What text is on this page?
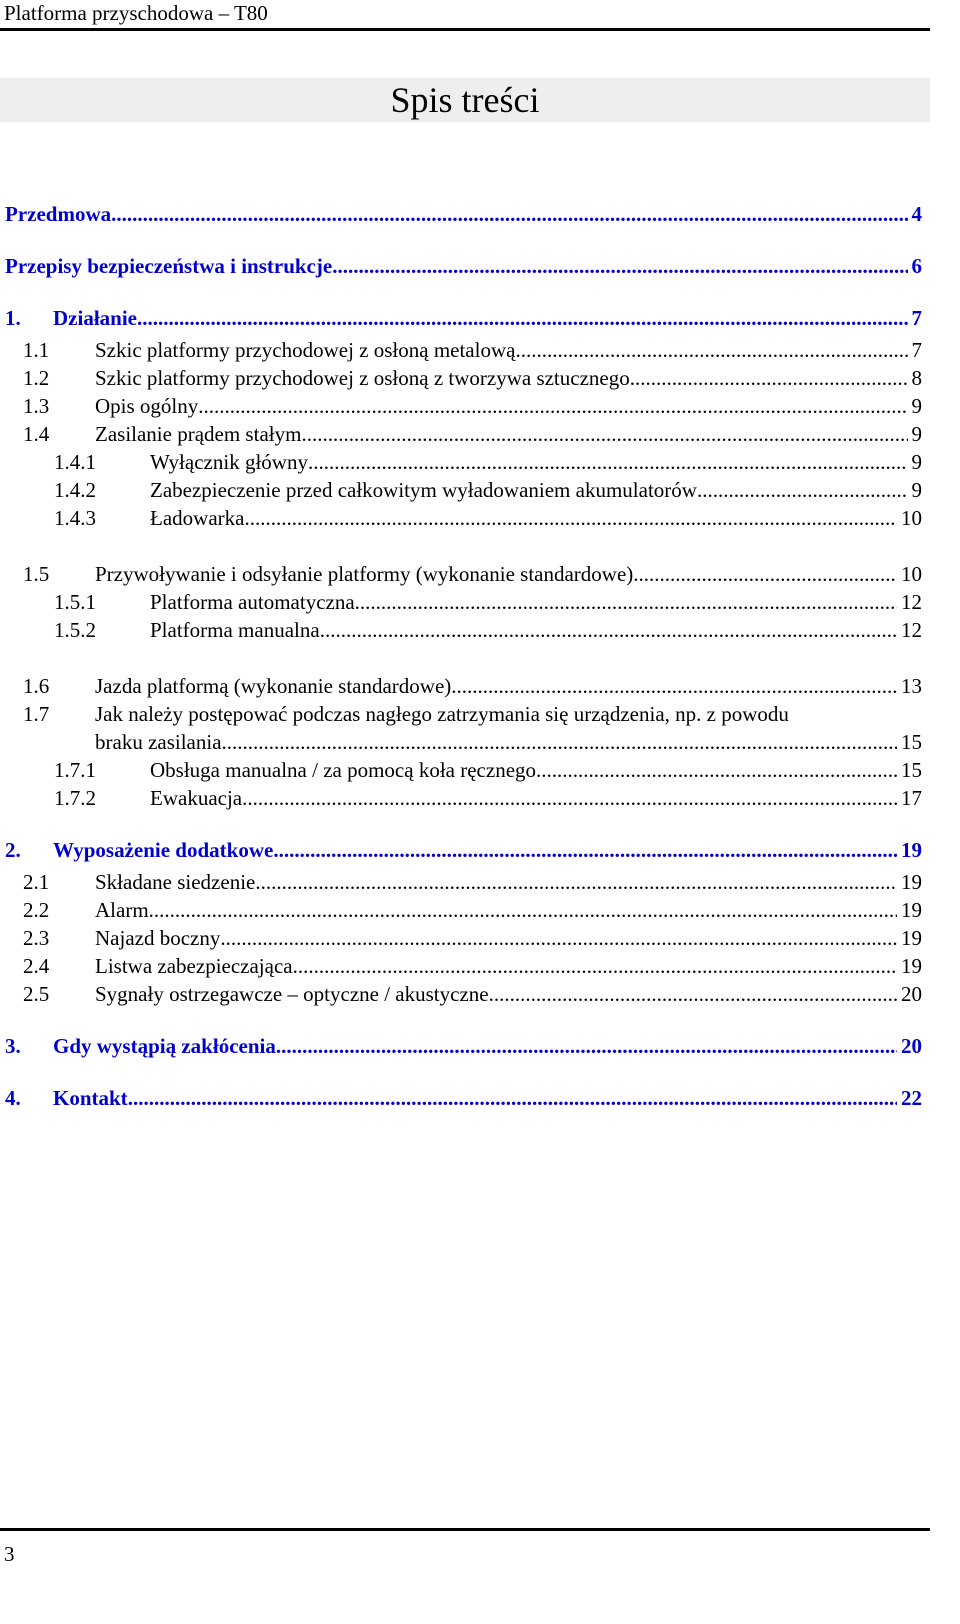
Platforma przyschodowa – T80
Spis treści
Przedmowa .....	4
Przepisy bezpieczeństwa i instrukcje .....	6
1.	Działanie .....	7
1.1	Szkic platformy przychodowej z osłoną metalową .....	7
1.2	Szkic platformy przychodowej z osłoną z tworzywa sztucznego .....	8
1.3	Opis ogólny .....	9
1.4	Zasilanie prądem stałym .....	9
1.4.1	Wyłącznik główny .....	9
1.4.2	Zabezpieczenie przed całkowitym wyładowaniem akumulatorów .....	9
1.4.3	Ładowarka .....	10
1.5	Przywoływanie i odsyłanie platformy (wykonanie standardowe) .....	10
1.5.1	Platforma automatyczna .....	12
1.5.2	Platforma manualna .....	12
1.6	Jazda platformą (wykonanie standardowe) .....	13
1.7	Jak należy postępować podczas nagłego zatrzymania się urządzenia, np. z powodu
braku zasilania .....	15
1.7.1	Obsługa manualna / za pomocą koła ręcznego .....	15
1.7.2	Ewakuacja .....	17
2.	Wyposażenie dodatkowe .....	19
2.1	Składane siedzenie .....	19
2.2	Alarm .....	19
2.3	Najazd boczny .....	19
2.4	Listwa zabezpieczająca .....	19
2.5	Sygnały ostrzegawcze – optyczne / akustyczne .....	20
3.	Gdy wystąpią zakłócenia .....	20
4.	Kontakt .....	22
3
